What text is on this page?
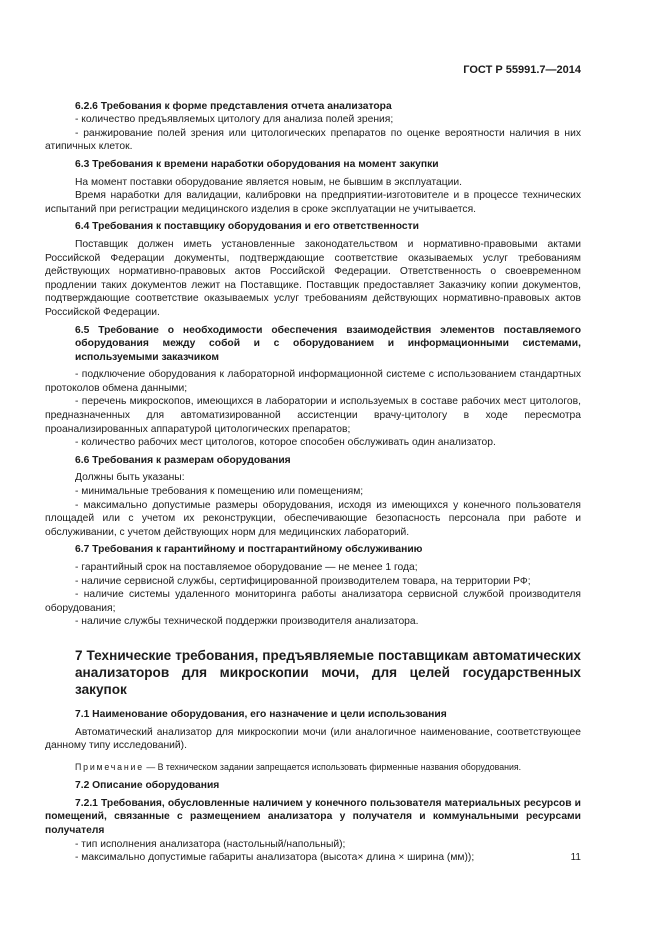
ГОСТ Р 55991.7—2014

6.2.6 Требования к форме представления отчета анализатора

- количество предъявляемых цитологу для анализа полей зрения;

- ранжирование полей зрения или цитологических препаратов по оценке вероятности наличия в них атипичных клеток.

6.3 Требования к времени наработки оборудования на момент закупки

На момент поставки оборудование является новым, не бывшим в эксплуатации.

Время наработки для валидации, калибровки на предприятии-изготовителе и в процессе технических испытаний при регистрации медицинского изделия в сроке эксплуатации не учитывается.

6.4 Требования к поставщику оборудования и его ответственности

Поставщик должен иметь установленные законодательством и нормативно-правовыми актами Российской Федерации документы, подтверждающие соответствие оказываемых услуг требованиям действующих нормативно-правовых актов Российской Федерации. Ответственность о своевременном продлении таких документов лежит на Поставщике. Поставщик предоставляет Заказчику копии документов, подтверждающие соответствие оказываемых услуг требованиям действующих нормативно-правовых актов Российской Федерации.

6.5 Требование о необходимости обеспечения взаимодействия элементов поставляемого оборудования между собой и с оборудованием и информационными системами, используемыми заказчиком

- подключение оборудования к лабораторной информационной системе с использованием стандартных протоколов обмена данными;

- перечень микроскопов, имеющихся в лаборатории и используемых в составе рабочих мест цитологов, предназначенных для автоматизированной ассистенции врачу-цитологу в ходе пересмотра проанализированных аппаратурой цитологических препаратов;

- количество рабочих мест цитологов, которое способен обслуживать один анализатор.

6.6 Требования к размерам оборудования

Должны быть указаны:

- минимальные требования к помещению или помещениям;

- максимально допустимые размеры оборудования, исходя из имеющихся у конечного пользователя площадей или с учетом их реконструкции, обеспечивающие безопасность персонала при работе и обслуживании, с учетом действующих норм для медицинских лабораторий.

6.7 Требования к гарантийному и постгарантийному обслуживанию

- гарантийный срок на поставляемое оборудование — не менее 1 года;

- наличие сервисной службы, сертифицированной производителем товара, на территории РФ;

- наличие системы удаленного мониторинга работы анализатора сервисной службой производителя оборудования;

- наличие службы технической поддержки производителя анализатора.

7 Технические требования, предъявляемые поставщикам автоматических анализаторов для микроскопии мочи, для целей государственных закупок

7.1 Наименование оборудования, его назначение и цели использования

Автоматический анализатор для микроскопии мочи (или аналогичное наименование, соответствующее данному типу исследований).

Примечание — В техническом задании запрещается использовать фирменные названия оборудования.

7.2 Описание оборудования

7.2.1 Требования, обусловленные наличием у конечного пользователя материальных ресурсов и помещений, связанные с размещением анализатора у получателя и коммунальными ресурсами получателя

- тип исполнения анализатора (настольный/напольный);

- максимально допустимые габариты анализатора (высота× длина × ширина (мм));	11
